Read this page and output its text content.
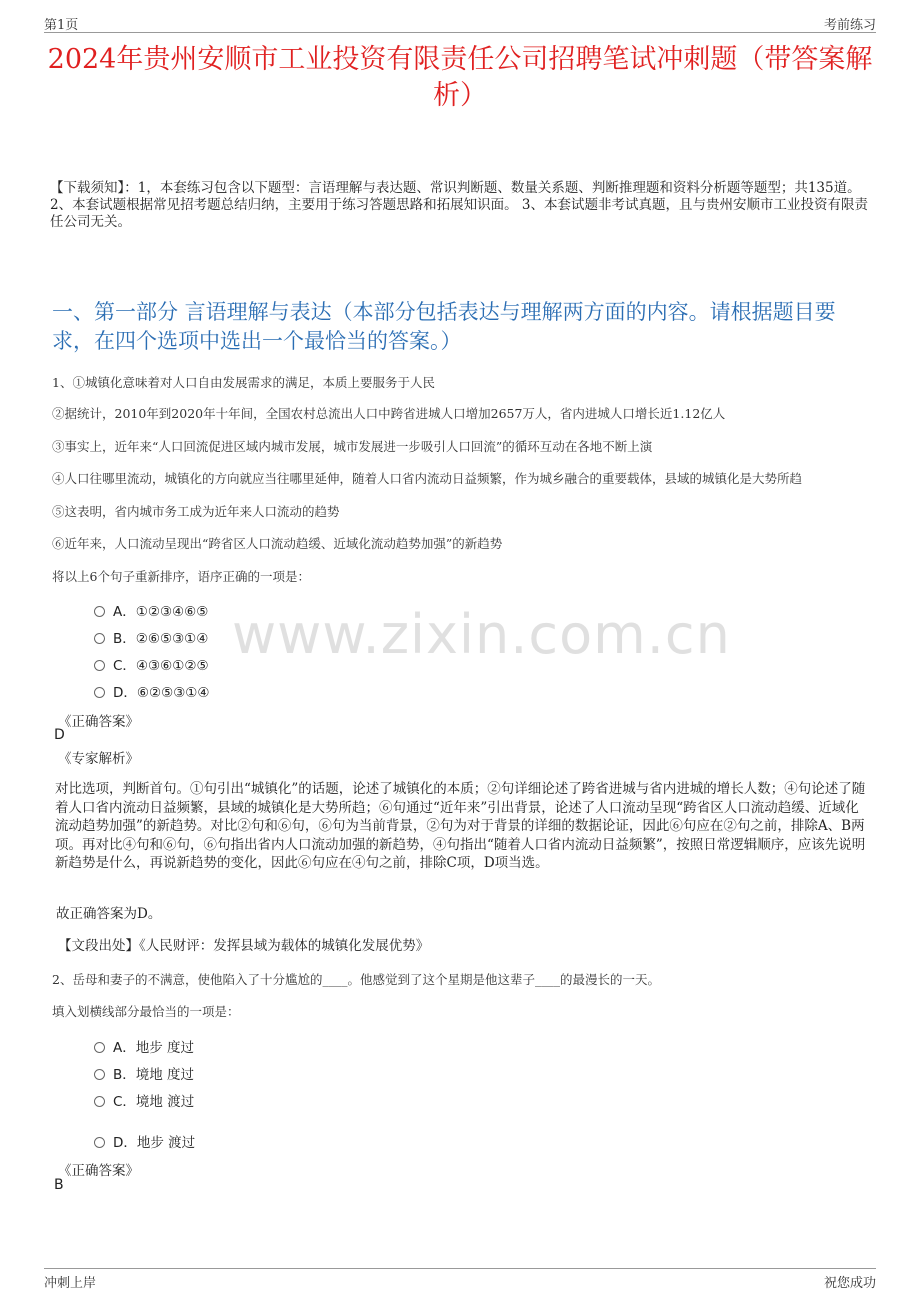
第1页	考前练习
2024年贵州安顺市工业投资有限责任公司招聘笔试冲刺题（带答案解析）
【下载须知】：1，本套练习包含以下题型：言语理解与表达题、常识判断题、数量关系题、判断推理题和资料分析题等题型；共135道。 2、本套试题根据常见招考题总结归纳，主要用于练习答题思路和拓展知识面。 3、本套试题非考试真题，且与贵州安顺市工业投资有限责任公司无关。
一、第一部分 言语理解与表达（本部分包括表达与理解两方面的内容。请根据题目要求，在四个选项中选出一个最恰当的答案。）
1、①城镇化意味着对人口自由发展需求的满足，本质上要服务于人民
②据统计，2010年到2020年十年间，全国农村总流出人口中跨省进城人口增加2657万人，省内进城人口增长近1.12亿人
③事实上，近年来“人口回流促进区域内城市发展，城市发展进一步吸引人口回流”的循环互动在各地不断上演
④人口往哪里流动，城镇化的方向就应当往哪里延伸，随着人口省内流动日益频繁，作为城乡融合的重要载体，县域的城镇化是大势所趋
⑤这表明，省内城市务工成为近年来人口流动的趋势
⑥近年来，人口流动呈现出“跨省区人口流动趋缓、近域化流动趋势加强”的新趋势
将以上6个句子重新排序，语序正确的一项是：
A．①②③④⑥⑤
B．②⑥⑤③①④
C．④③⑥①②⑤
D．⑥②⑤③①④
《正确答案》
D
《专家解析》
对比选项，判断首句。①句引出“城镇化”的话题，论述了城镇化的本质；②句详细论述了跨省进城与省内进城的增长人数；④句论述了随着人口省内流动日益频繁，县域的城镇化是大势所趋；⑥句通过“近年来”引出背景，论述了人口流动呈现“跨省区人口流动趋缓、近域化流动趋势加强”的新趋势。对比②句和⑥句，⑥句为当前背景，②句为对于背景的详细的数据论证，因此⑥句应在②句之前，排除A、B两项。再对比④句和⑥句，⑥句指出省内人口流动加强的新趋势，④句指出“随着人口省内流动日益频繁”，按照日常逻辑顺序，应该先说明新趋势是什么，再说新趋势的变化，因此⑥句应在④句之前，排除C项，D项当选。
故正确答案为D。
【文段出处】《人民财评：发挥县域为载体的城镇化发展优势》
2、岳母和妻子的不满意，使他陷入了十分尴尬的____。他感觉到了这个星期是他这辈子____的最漫长的一天。
填入划横线部分最恰当的一项是：
A．地步 度过
B．境地 度过
C．境地 渡过
D．地步 渡过
《正确答案》
B
www.zixin.com.cn
冲刺上岸	祝您成功
